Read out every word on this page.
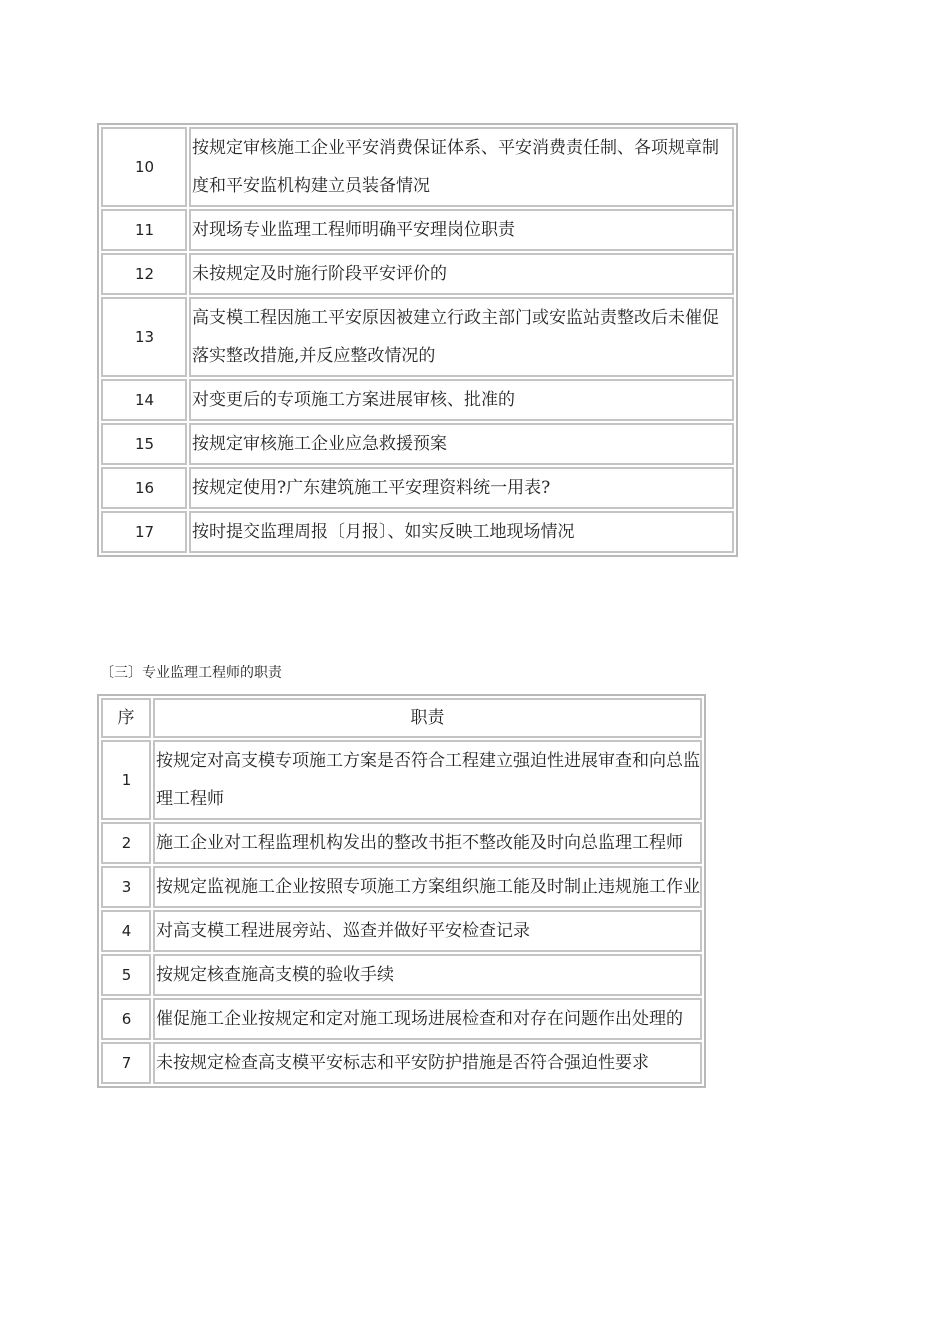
10	按规定审核施工企业平安消费保证体系、平安消费责任制、各项规章制度和平安监机构建立员装备情况
11	对现场专业监理工程师明确平安理岗位职责
12	未按规定及时施行阶段平安评价的
13	高支模工程因施工平安原因被建立行政主部门或安监站责整改后未催促落实整改措施,并反应整改情况的
14	对变更后的专项施工方案进展审核、批准的
15	按规定审核施工企业应急救援预案
16	按规定使用?广东建筑施工平安理资料统一用表?
17	按时提交监理周报〔月报〕、如实反映工地现场情况
〔三〕专业监理工程师的职责
序	职责
1	按规定对高支模专项施工方案是否符合工程建立强迫性进展审查和向总监理工程师
2	施工企业对工程监理机构发出的整改书拒不整改能及时向总监理工程师
3	按规定监视施工企业按照专项施工方案组织施工能及时制止违规施工作业
4	对高支模工程进展旁站、巡查并做好平安检查记录
5	按规定核查施高支模的验收手续
6	催促施工企业按规定和定对施工现场进展检查和对存在问题作出处理的
7	未按规定检查高支模平安标志和平安防护措施是否符合强迫性要求
